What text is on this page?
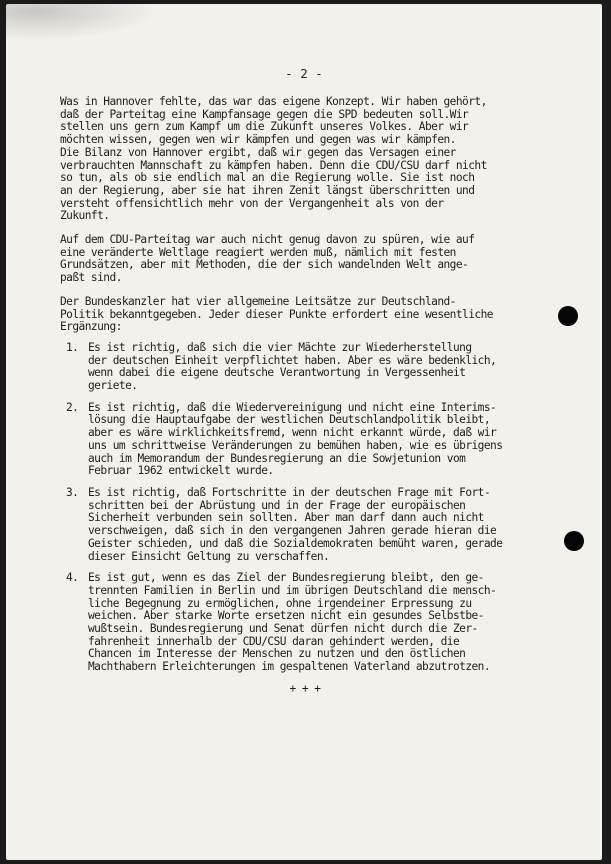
- 2 -

Was in Hannover fehlte, das war das eigene Konzept. Wir haben gehört,
daß der Parteitag eine Kampfansage gegen die SPD bedeuten soll.Wir
stellen uns gern zum Kampf um die Zukunft unseres Volkes. Aber wir
möchten wissen, gegen wen wir kämpfen und gegen was wir kämpfen.
Die Bilanz von Hannover ergibt, daß wir gegen das Versagen einer
verbrauchten Mannschaft zu kämpfen haben. Denn die CDU/CSU darf nicht
so tun, als ob sie endlich mal an die Regierung wolle. Sie ist noch
an der Regierung, aber sie hat ihren Zenit längst überschritten und
versteht offensichtlich mehr von der Vergangenheit als von der
Zukunft.

Auf dem CDU-Parteitag war auch nicht genug davon zu spüren, wie auf
eine veränderte Weltlage reagiert werden muß, nämlich mit festen
Grundsätzen, aber mit Methoden, die der sich wandelnden Welt ange-
paßt sind.

Der Bundeskanzler hat vier allgemeine Leitsätze zur Deutschland-
Politik bekanntgegeben. Jeder dieser Punkte erfordert eine wesentliche
Ergänzung:

1. Es ist richtig, daß sich die vier Mächte zur Wiederherstellung
der deutschen Einheit verpflichtet haben. Aber es wäre bedenklich,
wenn dabei die eigene deutsche Verantwortung in Vergessenheit
geriete.
2. Es ist richtig, daß die Wiedervereinigung und nicht eine Interims-
lösung die Hauptaufgabe der westlichen Deutschlandpolitik bleibt,
aber es wäre wirklichkeitsfremd, wenn nicht erkannt würde, daß wir
uns um schrittweise Veränderungen zu bemühen haben, wie es übrigens
auch im Memorandum der Bundesregierung an die Sowjetunion vom
Februar 1962 entwickelt wurde.
3. Es ist richtig, daß Fortschritte in der deutschen Frage mit Fort-
schritten bei der Abrüstung und in der Frage der europäischen
Sicherheit verbunden sein sollten. Aber man darf dann auch nicht
verschweigen, daß sich in den vergangenen Jahren gerade hieran die
Geister schieden, und daß die Sozialdemokraten bemüht waren, gerade
dieser Einsicht Geltung zu verschaffen.
4. Es ist gut, wenn es das Ziel der Bundesregierung bleibt, den ge-
trennten Familien in Berlin und im übrigen Deutschland die mensch-
liche Begegnung zu ermöglichen, ohne irgendeiner Erpressung zu
weichen. Aber starke Worte ersetzen nicht ein gesundes Selbstbe-
wußtsein. Bundesregierung und Senat dürfen nicht durch die Zer-
fahrenheit innerhalb der CDU/CSU daran gehindert werden, die
Chancen im Interesse der Menschen zu nutzen und den östlichen
Machthabern Erleichterungen im gespaltenen Vaterland abzutrotzen.
+ + +
